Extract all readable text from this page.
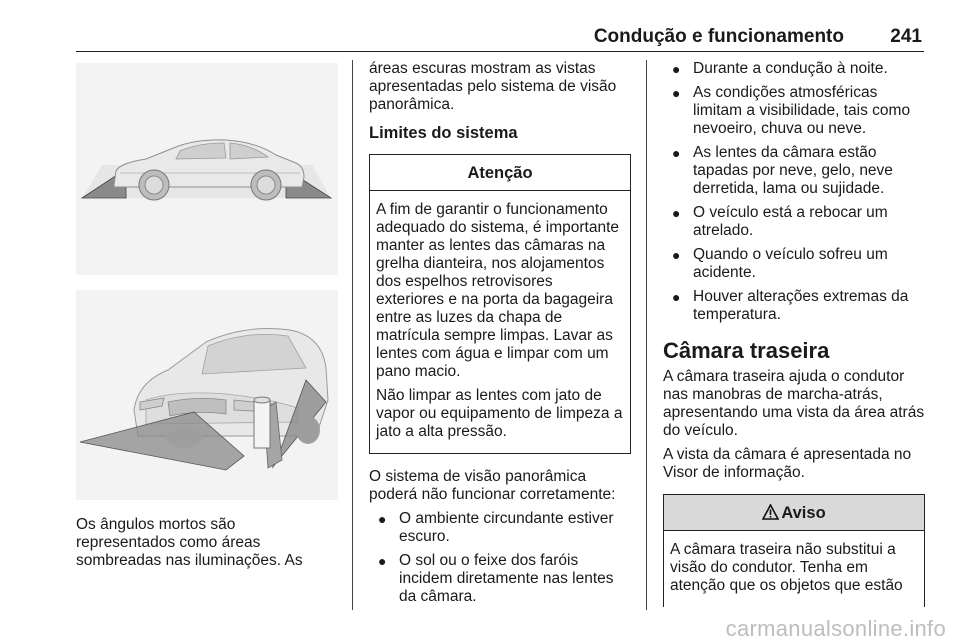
Condução e funcionamento 241
Os ângulos mortos são representados como áreas sombreadas nas iluminações. As

áreas escuras mostram as vistas apresentadas pelo sistema de visão panorâmica.

Limites do sistema
Atenção

A fim de garantir o funcionamento adequado do sistema, é importante manter as lentes das câmaras na grelha dianteira, nos alojamentos dos espelhos retrovisores exteriores e na porta da bagageira entre as luzes da chapa de matrícula sempre limpas. Lavar as lentes com água e limpar com um pano macio.

Não limpar as lentes com jato de vapor ou equipamento de limpeza a jato a alta pressão.

O sistema de visão panorâmica poderá não funcionar corretamente:

● O ambiente circundante estiver escuro.
● O sol ou o feixe dos faróis incidem diretamente nas lentes da câmara.
● Durante a condução à noite.
● As condições atmosféricas limitam a visibilidade, tais como nevoeiro, chuva ou neve.
● As lentes da câmara estão tapadas por neve, gelo, neve derretida, lama ou sujidade.
● O veículo está a rebocar um atrelado.
● Quando o veículo sofreu um acidente.
● Houver alterações extremas da temperatura.
Câmara traseira

A câmara traseira ajuda o condutor nas manobras de marcha-atrás, apresentando uma vista da área atrás do veículo.

A vista da câmara é apresentada no Visor de informação.

Aviso

A câmara traseira não substitui a visão do condutor. Tenha em atenção que os objetos que estão

carmanualsonline.info
